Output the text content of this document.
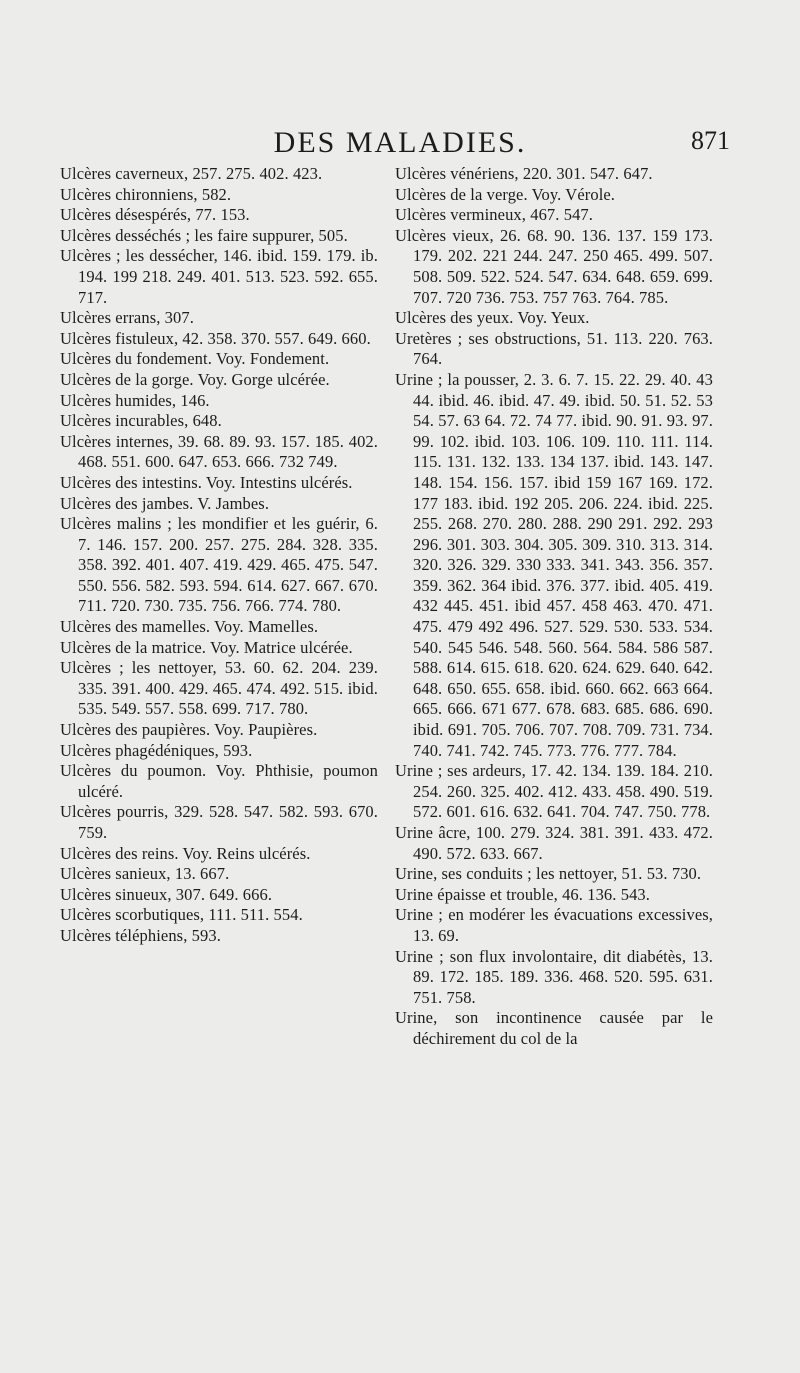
DES MALADIES.	871

Ulcères caverneux, 257. 275. 402. 423.

Ulcères chironniens, 582.

Ulcères désespérés, 77. 153.

Ulcères desséchés ; les faire suppurer, 505.

Ulcères ; les dessécher, 146. ibid. 159. 179. ib. 194. 199 218. 249. 401. 513. 523. 592. 655. 717.

Ulcères errans, 307.

Ulcères fistuleux, 42. 358. 370. 557. 649. 660.

Ulcères du fondement. Voy. Fondement.

Ulcères de la gorge. Voy. Gorge ulcérée.

Ulcères humides, 146.

Ulcères incurables, 648.

Ulcères internes, 39. 68. 89. 93. 157. 185. 402. 468. 551. 600. 647. 653. 666. 732 749.

Ulcères des intestins. Voy. Intestins ulcérés.

Ulcères des jambes. V. Jambes.

Ulcères malins ; les mondifier et les guérir, 6. 7. 146. 157. 200. 257. 275. 284. 328. 335. 358. 392. 401. 407. 419. 429. 465. 475. 547. 550. 556. 582. 593. 594. 614. 627. 667. 670. 711. 720. 730. 735. 756. 766. 774. 780.

Ulcères des mamelles. Voy. Mamelles.

Ulcères de la matrice. Voy. Matrice ulcérée.

Ulcères ; les nettoyer, 53. 60. 62. 204. 239. 335. 391. 400. 429. 465. 474. 492. 515. ibid. 535. 549. 557. 558. 699. 717. 780.

Ulcères des paupières. Voy. Paupières.

Ulcères phagédéniques, 593.

Ulcères du poumon. Voy. Phthisie, poumon ulcéré.

Ulcères pourris, 329. 528. 547. 582. 593. 670. 759.

Ulcères des reins. Voy. Reins ulcérés.

Ulcères sanieux, 13. 667.

Ulcères sinueux, 307. 649. 666.

Ulcères scorbutiques, 111. 511. 554.

Ulcères téléphiens, 593.

Ulcères vénériens, 220. 301. 547. 647.

Ulcères de la verge. Voy. Vérole.

Ulcères vermineux, 467. 547.

Ulcères vieux, 26. 68. 90. 136. 137. 159 173. 179. 202. 221 244. 247. 250 465. 499. 507. 508. 509. 522. 524. 547. 634. 648. 659. 699. 707. 720 736. 753. 757 763. 764. 785.

Ulcères des yeux. Voy. Yeux.

Uretères ; ses obstructions, 51. 113. 220. 763. 764.

Urine ; la pousser, 2. 3. 6. 7. 15. 22. 29. 40. 43 44. ibid. 46. ibid. 47. 49. ibid. 50. 51. 52. 53 54. 57. 63 64. 72. 74 77. ibid. 90. 91. 93. 97. 99. 102. ibid. 103. 106. 109. 110. 111. 114. 115. 131. 132. 133. 134 137. ibid. 143. 147. 148. 154. 156. 157. ibid 159 167 169. 172. 177 183. ibid. 192 205. 206. 224. ibid. 225. 255. 268. 270. 280. 288. 290 291. 292. 293 296. 301. 303. 304. 305. 309. 310. 313. 314. 320. 326. 329. 330 333. 341. 343. 356. 357. 359. 362. 364 ibid. 376. 377. ibid. 405. 419. 432 445. 451. ibid 457. 458 463. 470. 471. 475. 479 492 496. 527. 529. 530. 533. 534. 540. 545 546. 548. 560. 564. 584. 586 587. 588. 614. 615. 618. 620. 624. 629. 640. 642. 648. 650. 655. 658. ibid. 660. 662. 663 664. 665. 666. 671 677. 678. 683. 685. 686. 690. ibid. 691. 705. 706. 707. 708. 709. 731. 734. 740. 741. 742. 745. 773. 776. 777. 784.

Urine ; ses ardeurs, 17. 42. 134. 139. 184. 210. 254. 260. 325. 402. 412. 433. 458. 490. 519. 572. 601. 616. 632. 641. 704. 747. 750. 778.

Urine âcre, 100. 279. 324. 381. 391. 433. 472. 490. 572. 633. 667.

Urine, ses conduits ; les nettoyer, 51. 53. 730.

Urine épaisse et trouble, 46. 136. 543.

Urine ; en modérer les évacuations excessives, 13. 69.

Urine ; son flux involontaire, dit diabétès, 13. 89. 172. 185. 189. 336. 468. 520. 595. 631. 751. 758.

Urine, son incontinence causée par le déchirement du col de la
